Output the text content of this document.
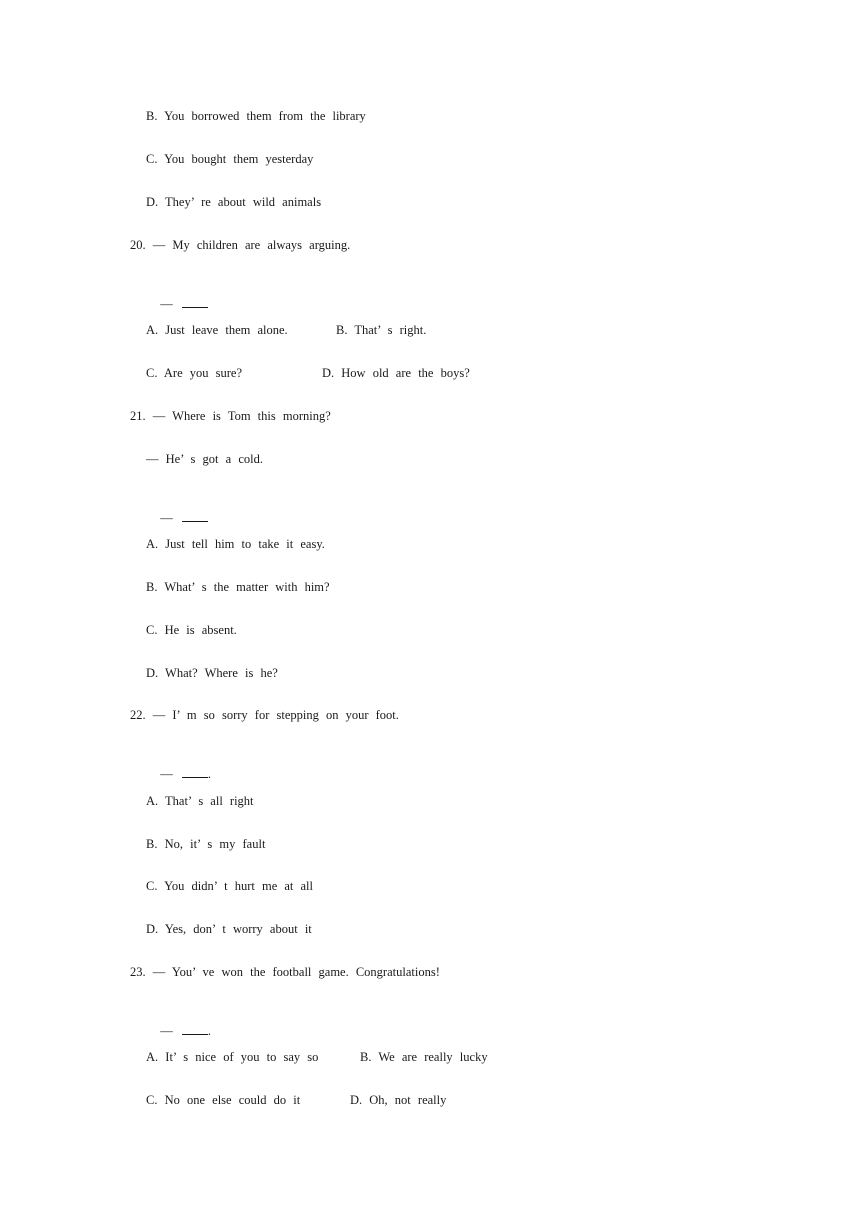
B. You borrowed them from the library
C. You bought them yesterday
D. They’ re about wild animals
20. — My children are always arguing.

—

A. Just leave them alone.	B. That’ s right.
C. Are you sure?	D. How old are the boys?
21. — Where is Tom this morning?
— He’ s got a cold.

—

A. Just tell him to take it easy.
B. What’ s the matter with him?
C. He is absent.
D. What? Where is he?
22. — I’ m so sorry for stepping on your foot.

— .

A. That’ s all right
B. No, it’ s my fault
C. You didn’ t hurt me at all
D. Yes, don’ t worry about it
23. — You’ ve won the football game. Congratulations!

— .

A. It’ s nice of you to say so	B. We are really lucky
C. No one else could do it	D. Oh, not really
